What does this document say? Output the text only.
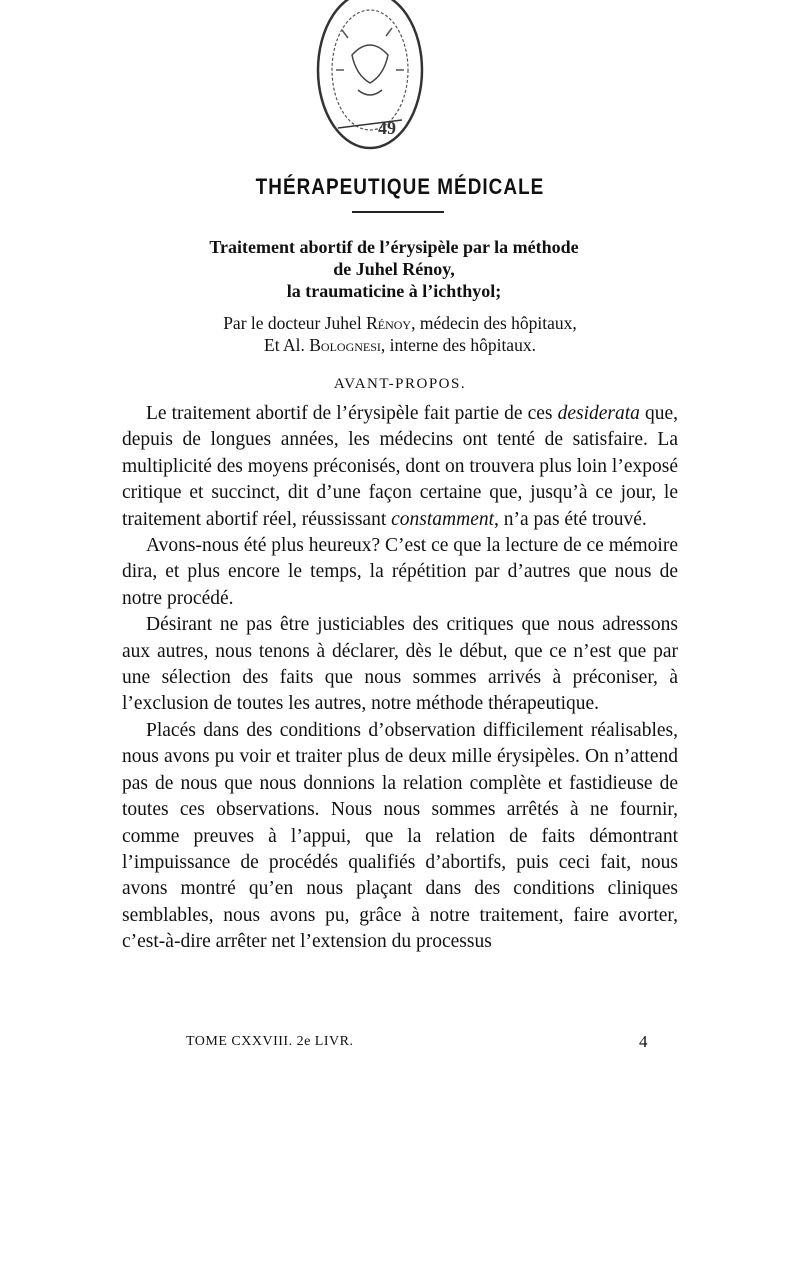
49
THÉRAPEUTIQUE MÉDICALE
Traitement abortif de l’érysipèle par la méthode
de Juhel Rénoy,
la traumaticine à l’ichthyol;
Par le docteur Juhel Rénoy, médecin des hôpitaux,
Et Al. Bolognesi, interne des hôpitaux.
AVANT-PROPOS.

Le traitement abortif de l’érysipèle fait partie de ces desiderata que, depuis de longues années, les médecins ont tenté de satisfaire. La multiplicité des moyens préconisés, dont on trouvera plus loin l’exposé critique et succinct, dit d’une façon certaine que, jusqu’à ce jour, le traitement abortif réel, réussissant constamment, n’a pas été trouvé.

Avons-nous été plus heureux? C’est ce que la lecture de ce mémoire dira, et plus encore le temps, la répétition par d’autres que nous de notre procédé.

Désirant ne pas être justiciables des critiques que nous adressons aux autres, nous tenons à déclarer, dès le début, que ce n’est que par une sélection des faits que nous sommes arrivés à préconiser, à l’exclusion de toutes les autres, notre méthode thérapeutique.

Placés dans des conditions d’observation difficilement réalisables, nous avons pu voir et traiter plus de deux mille érysipèles. On n’attend pas de nous que nous donnions la relation complète et fastidieuse de toutes ces observations. Nous nous sommes arrêtés à ne fournir, comme preuves à l’appui, que la relation de faits démontrant l’impuissance de procédés qualifiés d’abortifs, puis ceci fait, nous avons montré qu’en nous plaçant dans des conditions cliniques semblables, nous avons pu, grâce à notre traitement, faire avorter, c’est-à-dire arrêter net l’extension du processus

TOME CXXVIII. 2e LIVR.	4
